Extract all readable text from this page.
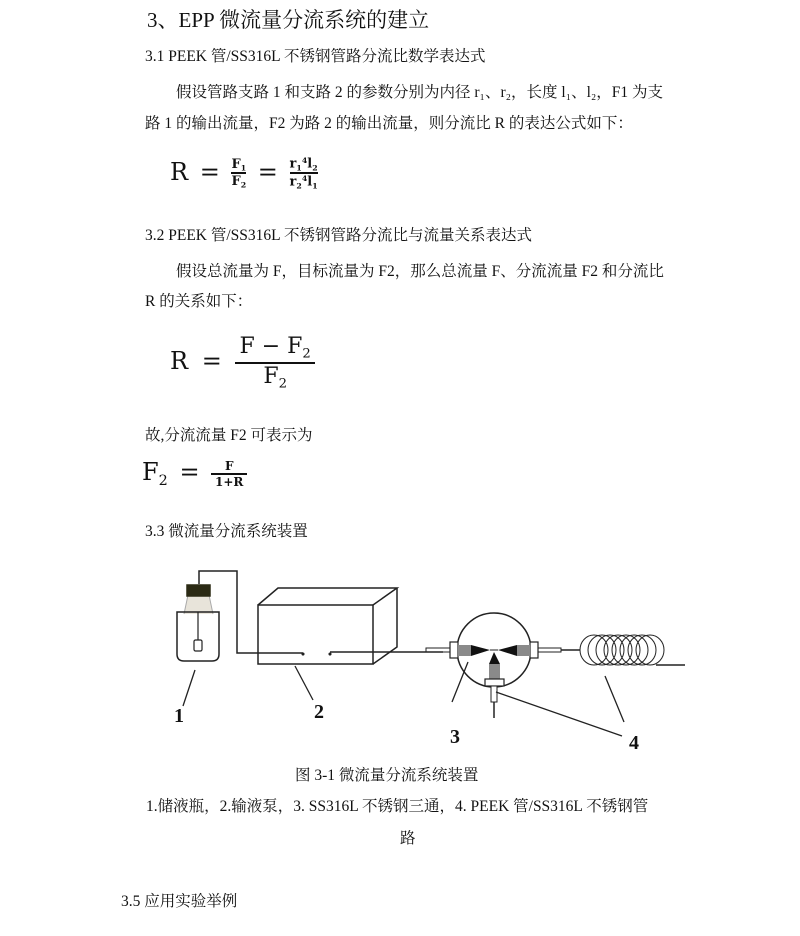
3、EPP 微流量分流系统的建立
3.1 PEEK 管/SS316L 不锈钢管路分流比数学表达式
假设管路支路 1 和支路 2 的参数分别为内径 r₁、r₂，长度 l₁、l₂，F1 为支
路 1 的输出流量，F2 为路 2 的输出流量，则分流比 R 的表达公式如下：
$R = \frac{F_1}{F_2} = \frac{r_1^4l_2}{r_2^4l_1}$
3.2 PEEK 管/SS316L 不锈钢管路分流比与流量关系表达式
假设总流量为 F，目标流量为 F2，那么总流量 F、分流流量 F2 和分流比
R 的关系如下：
$R = \frac{F - F_2}{F_2}$
故,分流流量 F2 可表示为
$F_2 = \frac{F}{1+R}$
3.3 微流量分流系统装置
1	2
3	4
图 3-1 微流量分流系统装置
1.储液瓶，2.输液泵，3. SS316L 不锈钢三通，4. PEEK 管/SS316L 不锈钢管
路
3.5 应用实验举例
